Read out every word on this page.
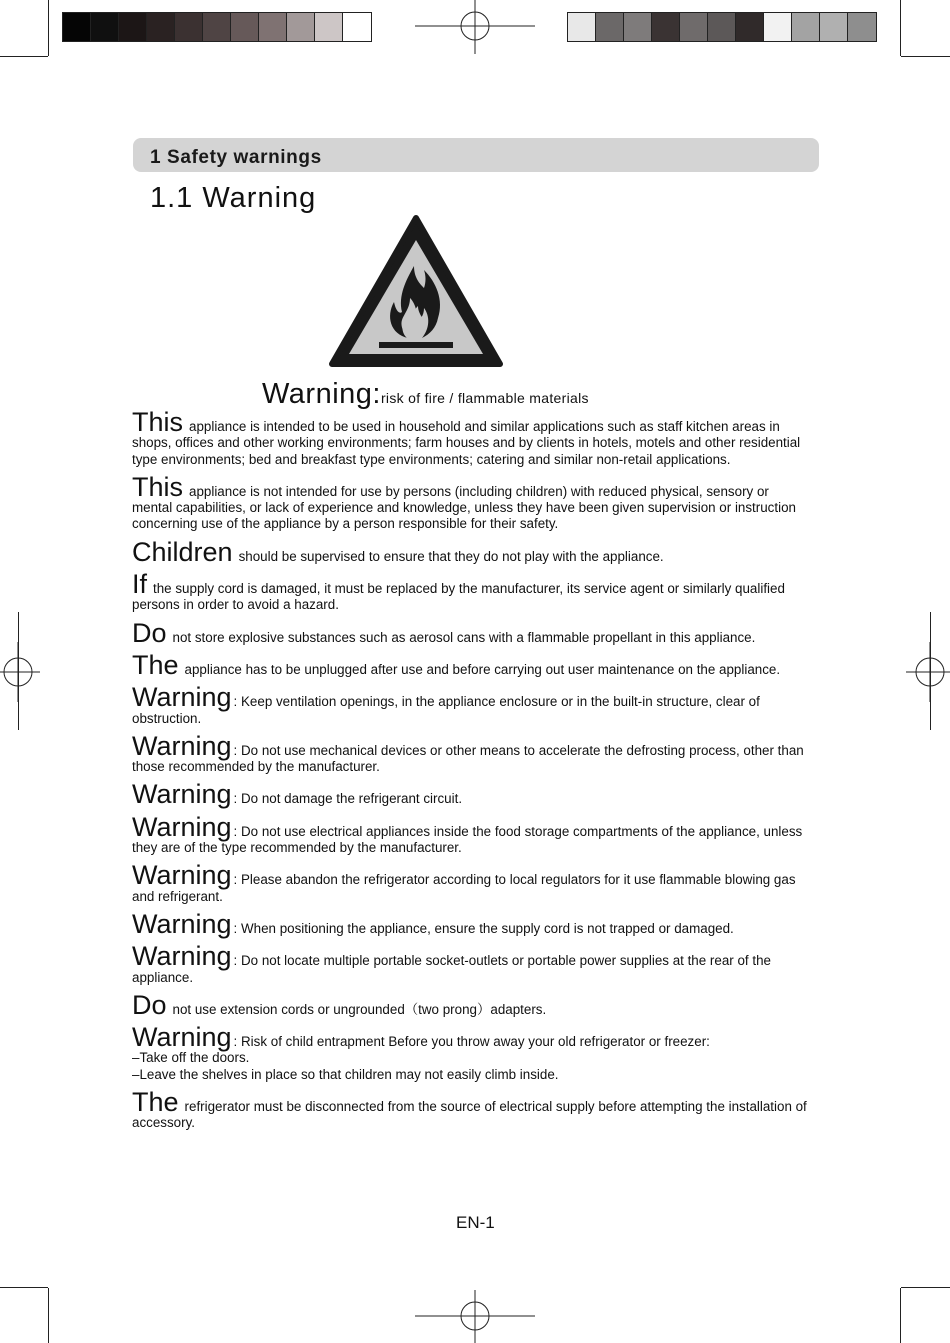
1 Safety warnings
1.1 Warning
Warning:risk of fire / flammable materials

This appliance is intended to be used in household and similar applications such as staff kitchen areas in shops, offices and other working environments; farm houses and by clients in hotels, motels and other residential type environments; bed and breakfast type environments; catering and similar non-retail applications.

This appliance is not intended for use by persons (including children) with reduced physical, sensory or mental capabilities, or lack of experience and knowledge, unless they have been given supervision or instruction concerning use of the appliance by a person responsible for their safety.

Children should be supervised to ensure that they do not play with the appliance.

If the supply cord is damaged, it must be replaced by the manufacturer, its service agent or similarly qualified persons in order to avoid a hazard.

Do not store explosive substances such as aerosol cans with a flammable propellant in this appliance.

The appliance has to be unplugged after use and before carrying out user maintenance on the appliance.

Warning : Keep ventilation openings, in the appliance enclosure or in the built-in structure, clear of obstruction.

Warning : Do not use mechanical devices or other means to accelerate the defrosting process, other than those recommended by the manufacturer.

Warning : Do not damage the refrigerant circuit.

Warning : Do not use electrical appliances inside the food storage compartments of the appliance, unless they are of the type recommended by the manufacturer.

Warning : Please abandon the refrigerator according to local regulators for it use flammable blowing gas and refrigerant.

Warning : When positioning the appliance, ensure the supply cord is not trapped or damaged.

Warning : Do not locate multiple portable socket-outlets or portable power supplies at the rear of the appliance.

Do not use extension cords or ungrounded（two prong）adapters.

Warning : Risk of child entrapment Before you throw away your old refrigerator or freezer:
–Take off the doors.
–Leave the shelves in place so that children may not easily climb inside.

The refrigerator must be disconnected from the source of electrical supply before attempting the installation of accessory.

EN-1
